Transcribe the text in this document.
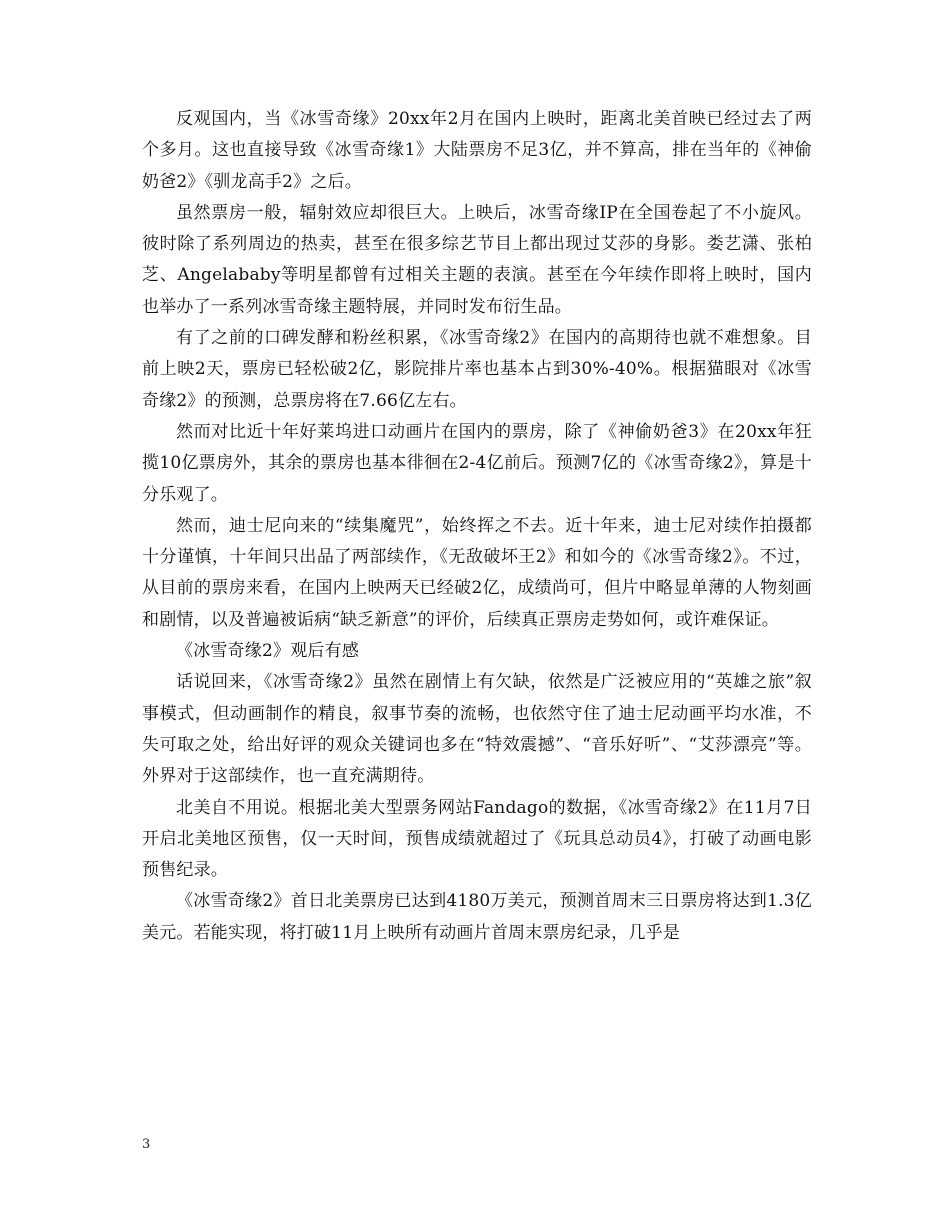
反观国内，当《冰雪奇缘》20xx年2月在国内上映时，距离北美首映已经过去了两个多月。这也直接导致《冰雪奇缘1》大陆票房不足3亿，并不算高，排在当年的《神偷奶爸2》《驯龙高手2》之后。

虽然票房一般，辐射效应却很巨大。上映后，冰雪奇缘IP在全国卷起了不小旋风。彼时除了系列周边的热卖，甚至在很多综艺节目上都出现过艾莎的身影。娄艺潇、张柏芝、Angelababy等明星都曾有过相关主题的表演。甚至在今年续作即将上映时，国内也举办了一系列冰雪奇缘主题特展，并同时发布衍生品。

有了之前的口碑发酵和粉丝积累，《冰雪奇缘2》在国内的高期待也就不难想象。目前上映2天，票房已轻松破2亿，影院排片率也基本占到30%-40%。根据猫眼对《冰雪奇缘2》的预测，总票房将在7.66亿左右。

然而对比近十年好莱坞进口动画片在国内的票房，除了《神偷奶爸3》在20xx年狂揽10亿票房外，其余的票房也基本徘徊在2-4亿前后。预测7亿的《冰雪奇缘2》，算是十分乐观了。

然而，迪士尼向来的“续集魔咒”，始终挥之不去。近十年来，迪士尼对续作拍摄都十分谨慎，十年间只出品了两部续作，《无敌破坏王2》和如今的《冰雪奇缘2》。不过，从目前的票房来看，在国内上映两天已经破2亿，成绩尚可，但片中略显单薄的人物刻画和剧情，以及普遍被诟病“缺乏新意”的评价，后续真正票房走势如何，或许难保证。

《冰雪奇缘2》观后有感

话说回来，《冰雪奇缘2》虽然在剧情上有欠缺，依然是广泛被应用的“英雄之旅”叙事模式，但动画制作的精良，叙事节奏的流畅，也依然守住了迪士尼动画平均水准，不失可取之处，给出好评的观众关键词也多在“特效震撼”、“音乐好听”、“艾莎漂亮”等。外界对于这部续作，也一直充满期待。

北美自不用说。根据北美大型票务网站Fandago的数据，《冰雪奇缘2》在11月7日开启北美地区预售，仅一天时间，预售成绩就超过了《玩具总动员4》，打破了动画电影预售纪录。

《冰雪奇缘2》首日北美票房已达到4180万美元，预测首周末三日票房将达到1.3亿美元。若能实现，将打破11月上映所有动画片首周末票房纪录，几乎是

3
